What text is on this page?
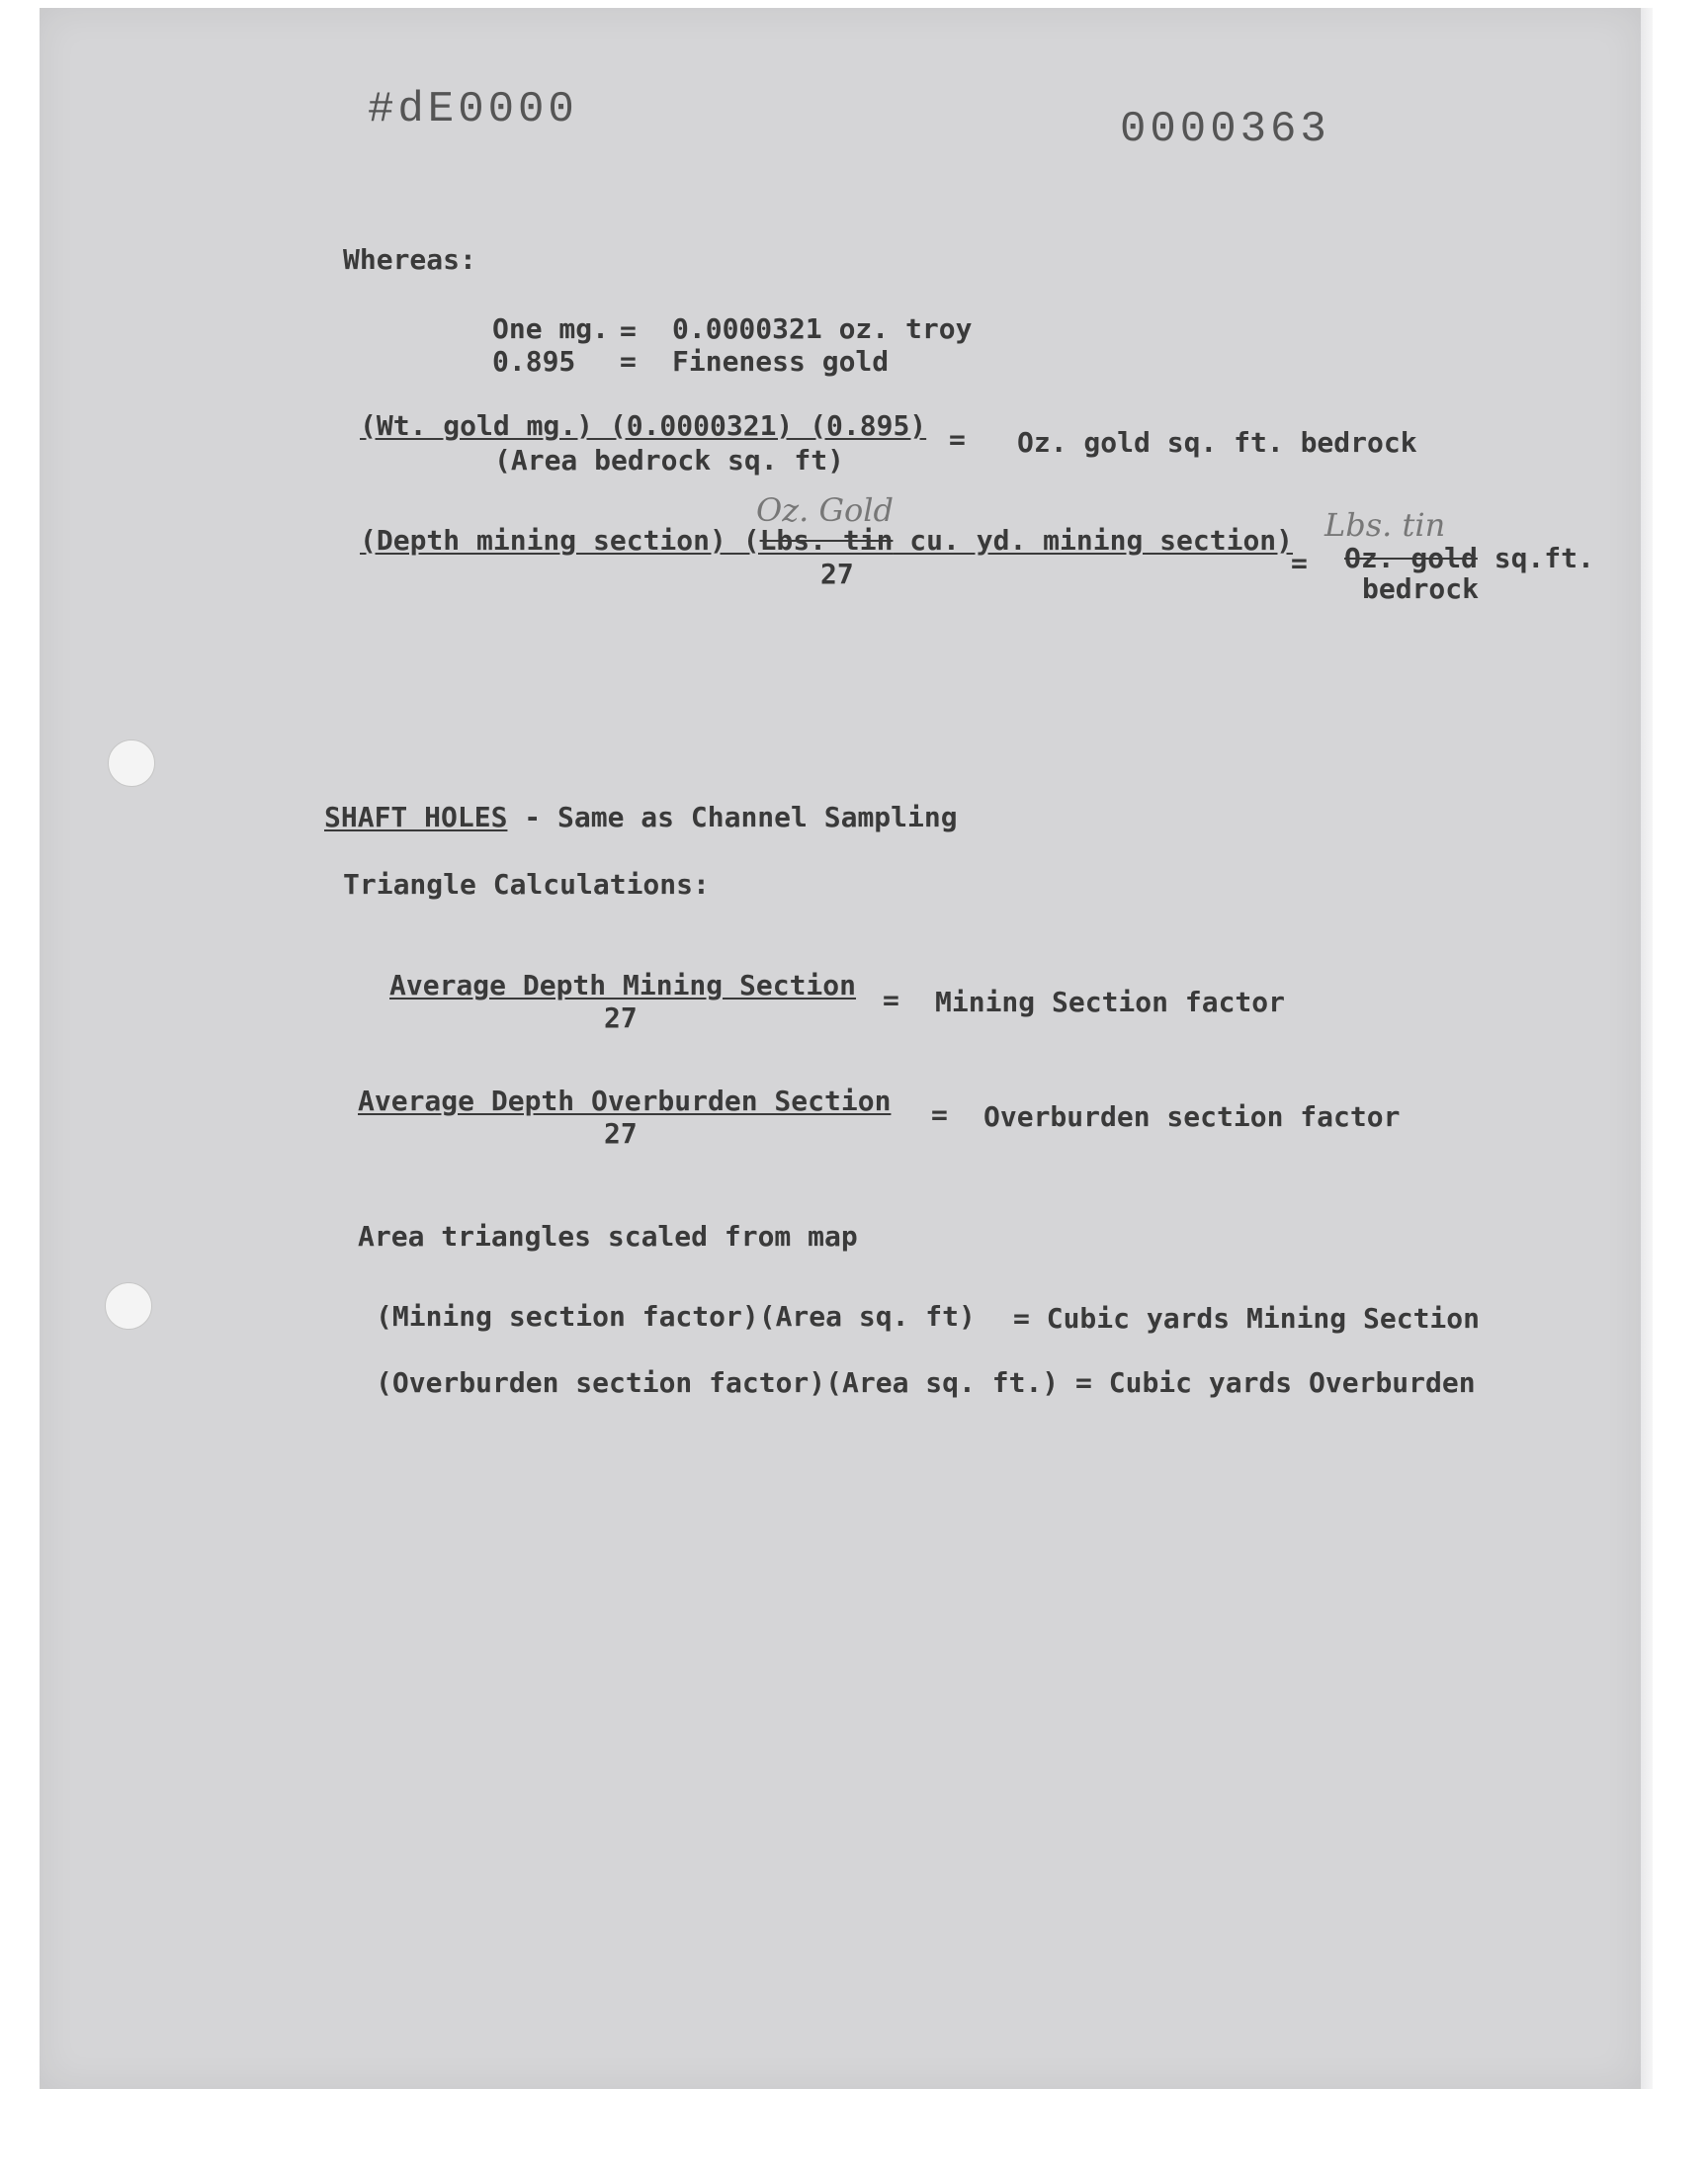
#dE0000	0000363
Whereas:
One mg. = 0.0000321 oz. troy
0.895 = Fineness gold
(Wt. gold mg.) (0.0000321) (0.895)
(Area bedrock sq. ft)
= Oz. gold sq. ft. bedrock
Oz. Gold	Lbs. tin
(Depth mining section) (Lbs. tin cu. yd. mining section)
27	= Oz. gold sq.ft.
bedrock
SHAFT HOLES - Same as Channel Sampling
Triangle Calculations:
Average Depth Mining Section
27
= Mining Section factor
Average Depth Overburden Section
27
= Overburden section factor
Area triangles scaled from map
(Mining section factor)(Area sq. ft) = Cubic yards Mining Section
(Overburden section factor)(Area sq. ft.) = Cubic yards Overburden
